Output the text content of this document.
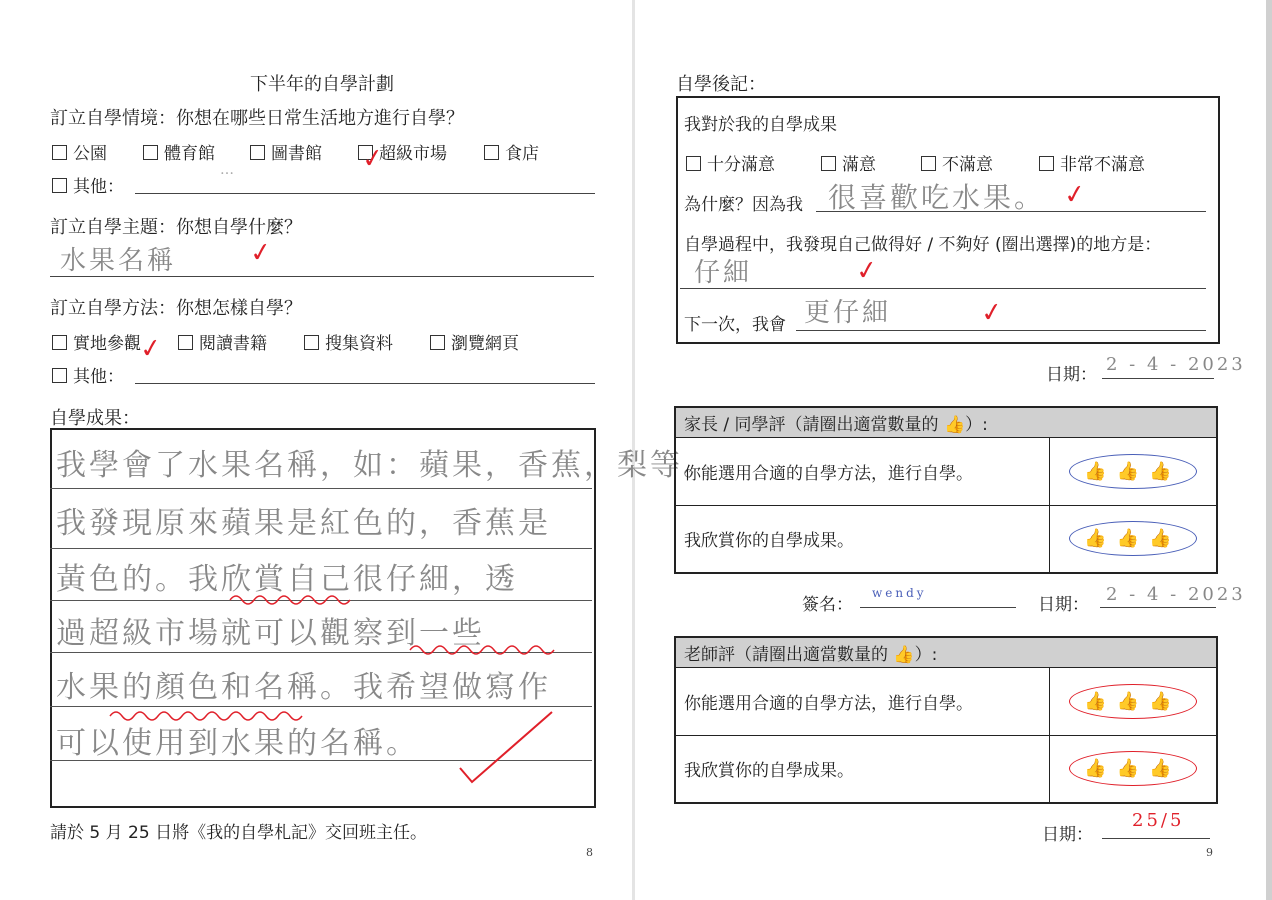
下半年的自學計劃
訂立自學情境：你想在哪些日常生活地方進行自學？
公園	體育館	圖書館	超級市場	食店
✓
其他：
…
訂立自學主題：你想自學什麼？
水果名稱	✓
訂立自學方法：你想怎樣自學？
實地參觀	閱讀書籍	搜集資料	瀏覽網頁
✓
其他：
自學成果：
我學會了水果名稱，如：蘋果，香蕉，梨等。
我發現原來蘋果是紅色的，香蕉是
黃色的。我欣賞自己很仔細，透
過超級市場就可以觀察到一些
水果的顏色和名稱。我希望做寫作
可以使用到水果的名稱。
請於 5 月 25 日將《我的自學札記》交回班主任。
8
自學後記：
我對於我的自學成果
十分滿意	滿意	不滿意	非常不滿意
為什麼？因為我 很喜歡吃水果。 ✓
自學過程中，我發現自己做得好 / 不夠好 (圈出選擇)的地方是：
仔細	✓
下一次，我會 更仔細	✓
日期： 2 - 4 - 2023
家長 / 同學評（請圈出適當數量的 👍）:	
你能選用合適的自學方法，進行自學。	👍👍👍
我欣賞你的自學成果。	👍👍👍
簽名：
wendy
日期： 2 - 4 - 2023
老師評（請圈出適當數量的 👍）:	
你能選用合適的自學方法，進行自學。	👍👍👍
我欣賞你的自學成果。	👍👍👍
日期：
25/5
9
